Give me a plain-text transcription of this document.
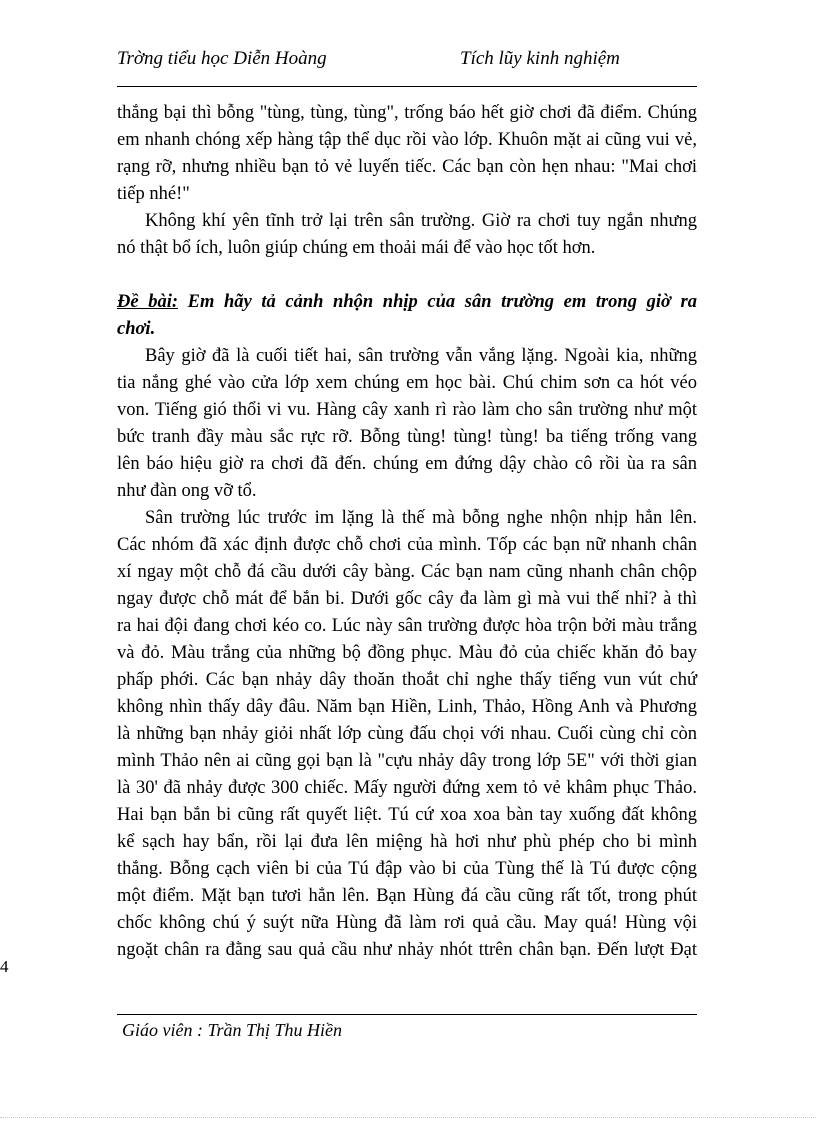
Trờng tiểu học Diễn Hoàng	Tích lũy kinh nghiệm
thắng bại thì bỗng "tùng, tùng, tùng", trống báo hết giờ chơi đã điểm. Chúng
em nhanh chóng xếp hàng tập thể dục rồi vào lớp. Khuôn mặt ai cũng vui vẻ,
rạng rỡ, nhưng nhiều bạn tỏ vẻ luyến tiếc. Các bạn còn hẹn nhau: "Mai chơi
tiếp nhé!"
Không khí yên tĩnh trở lại trên sân trường. Giờ ra chơi tuy ngắn nhưng
nó thật bổ ích, luôn giúp chúng em thoải mái để vào học tốt hơn.
Đề bài: Em hãy tả cảnh nhộn nhịp của sân trường em trong giờ ra
chơi.
Bây giờ đã là cuối tiết hai, sân trường vẫn vắng lặng. Ngoài kia, những
tia nắng ghé vào cửa lớp xem chúng em học bài. Chú chim sơn ca hót véo
von. Tiếng gió thổi vi vu. Hàng cây xanh rì rào làm cho sân trường như một
bức tranh đầy màu sắc rực rỡ. Bỗng tùng! tùng! tùng! ba tiếng trống vang
lên báo hiệu giờ ra chơi đã đến. chúng em đứng dậy chào cô rồi ùa ra sân
như đàn ong vỡ tổ.
Sân trường lúc trước im lặng là thế mà bỗng nghe nhộn nhịp hẳn lên.
Các nhóm đã xác định được chỗ chơi của mình. Tốp các bạn nữ nhanh chân
xí ngay một chỗ đá cầu dưới cây bàng. Các bạn nam cũng nhanh chân chộp
ngay được chỗ mát để bắn bi. Dưới gốc cây đa làm gì mà vui thế nhỉ? à thì
ra hai đội đang chơi kéo co. Lúc này sân trường được hòa trộn bởi màu trắng
và đỏ. Màu trắng của những bộ đồng phục. Màu đỏ của chiếc khăn đỏ bay
phấp phới. Các bạn nhảy dây thoăn thoắt chỉ nghe thấy tiếng vun vút chứ
không nhìn thấy dây đâu. Năm bạn Hiền, Linh, Thảo, Hồng Anh và Phương
là những bạn nhảy giỏi nhất lớp cùng đấu chọi với nhau. Cuối cùng chỉ còn
mình Thảo nên ai cũng gọi bạn là "cựu nhảy dây trong lớp 5E" với thời gian
là 30' đã nhảy được 300 chiếc. Mấy người đứng xem tỏ vẻ khâm phục Thảo.
Hai bạn bắn bi cũng rất quyết liệt. Tú cứ xoa xoa bàn tay xuống đất không
kể sạch hay bẩn, rồi lại đưa lên miệng hà hơi như phù phép cho bi mình
thắng. Bỗng cạch viên bi của Tú đập vào bi của Tùng thế là Tú được cộng
một điểm. Mặt bạn tươi hẳn lên. Bạn Hùng đá cầu cũng rất tốt, trong phút
chốc không chú ý suýt nữa Hùng đã làm rơi quả cầu. May quá! Hùng vội
ngoặt chân ra đằng sau quả cầu như nhảy nhót ttrên chân bạn. Đến lượt Đạt
4
Giáo viên : Trần Thị Thu Hiền
